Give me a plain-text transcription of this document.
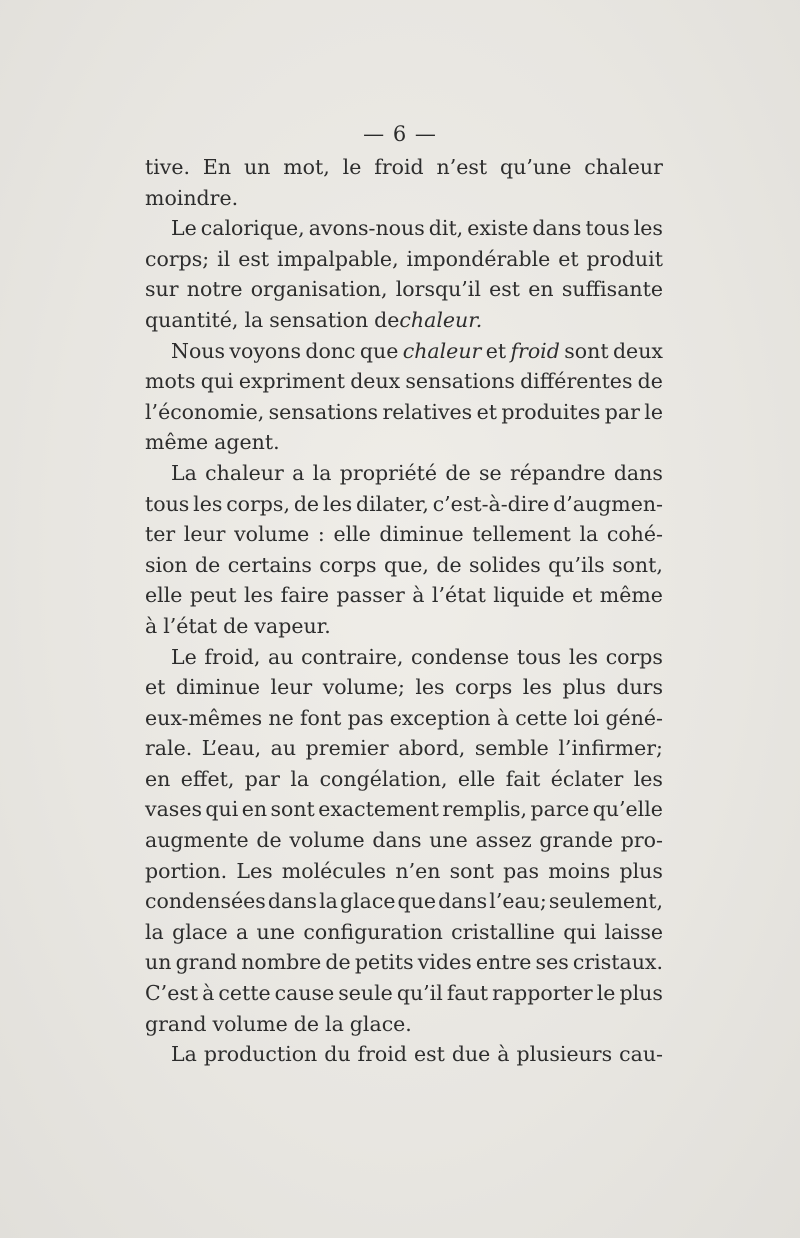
— 6 —
tive. En un mot, le froid n’est qu’une chaleur
moindre.
Le calorique, avons-nous dit, existe dans tous les
corps; il est impalpable, impondérable et produit
sur notre organisation, lorsqu’il est en suffisante
quantité, la sensation de chaleur.
Nous voyons donc que chaleur et froid sont deux
mots qui expriment deux sensations différentes de
l’économie, sensations relatives et produites par le
même agent.
La chaleur a la propriété de se répandre dans
tous les corps, de les dilater, c’est-à-dire d’augmen-
ter leur volume : elle diminue tellement la cohé-
sion de certains corps que, de solides qu’ils sont,
elle peut les faire passer à l’état liquide et même
à l’état de vapeur.
Le froid, au contraire, condense tous les corps
et diminue leur volume; les corps les plus durs
eux-mêmes ne font pas exception à cette loi géné-
rale. L’eau, au premier abord, semble l’infirmer;
en effet, par la congélation, elle fait éclater les
vases qui en sont exactement remplis, parce qu’elle
augmente de volume dans une assez grande pro-
portion. Les molécules n’en sont pas moins plus
condensées dans la glace que dans l’eau; seulement,
la glace a une configuration cristalline qui laisse
un grand nombre de petits vides entre ses cristaux.
C’est à cette cause seule qu’il faut rapporter le plus
grand volume de la glace.
La production du froid est due à plusieurs cau-
